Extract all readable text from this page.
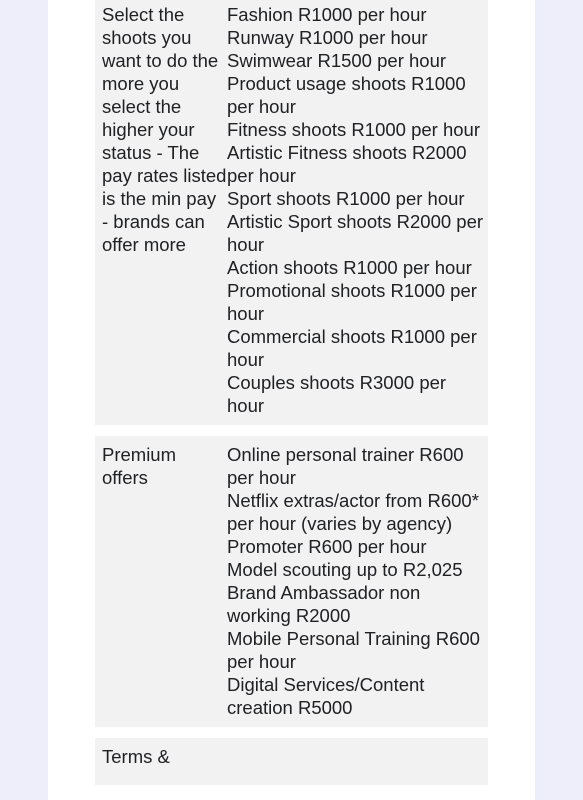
Select the shoots you want to do the more you select the higher your status - The pay rates listed is the min pay - brands can offer more
Fashion R1000 per hour
Runway R1000 per hour
Swimwear R1500 per hour
Product usage shoots R1000 per hour
Fitness shoots R1000 per hour
Artistic Fitness shoots R2000 per hour
Sport shoots R1000 per hour
Artistic Sport shoots R2000 per hour
Action shoots R1000 per hour
Promotional shoots R1000 per hour
Commercial shoots R1000 per hour
Couples shoots R3000 per hour
Premium offers
Online personal trainer R600 per hour
Netflix extras/actor from R600* per hour (varies by agency)
Promoter R600 per hour
Model scouting up to R2,025
Brand Ambassador non working R2000
Mobile Personal Training R600 per hour
Digital Services/Content creation R5000
Terms &
